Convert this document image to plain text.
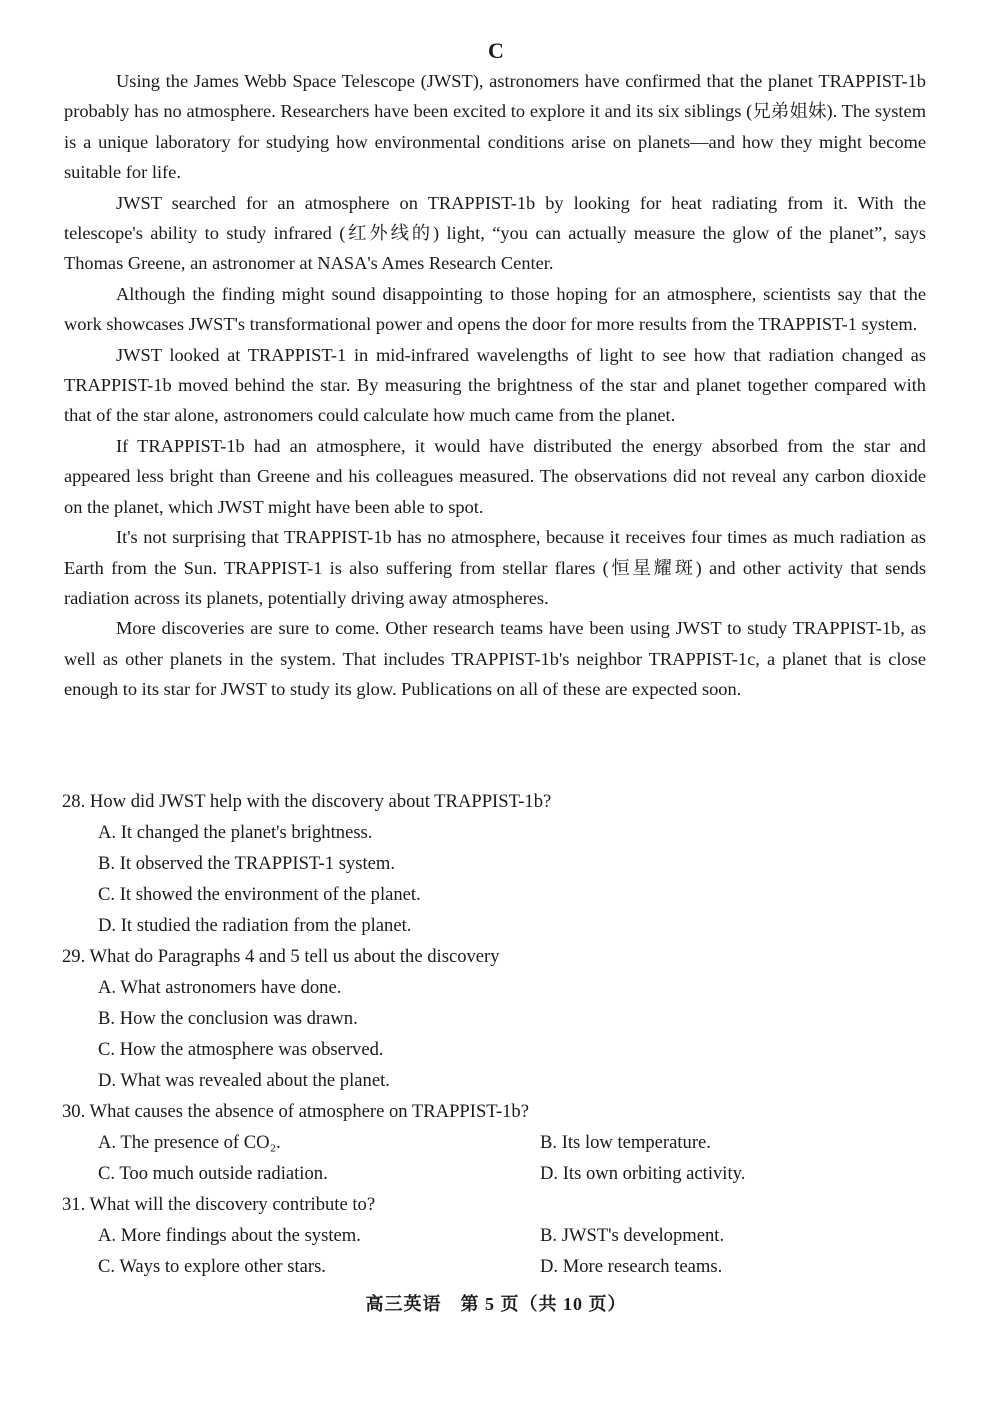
C

Using the James Webb Space Telescope (JWST), astronomers have confirmed that the planet TRAPPIST-1b probably has no atmosphere. Researchers have been excited to explore it and its six siblings (兄弟姐妹). The system is a unique laboratory for studying how environmental conditions arise on planets—and how they might become suitable for life.

JWST searched for an atmosphere on TRAPPIST-1b by looking for heat radiating from it. With the telescope's ability to study infrared (红外线的) light, “you can actually measure the glow of the planet”, says Thomas Greene, an astronomer at NASA's Ames Research Center.

Although the finding might sound disappointing to those hoping for an atmosphere, scientists say that the work showcases JWST's transformational power and opens the door for more results from the TRAPPIST-1 system.

JWST looked at TRAPPIST-1 in mid-infrared wavelengths of light to see how that radiation changed as TRAPPIST-1b moved behind the star. By measuring the brightness of the star and planet together compared with that of the star alone, astronomers could calculate how much came from the planet.

If TRAPPIST-1b had an atmosphere, it would have distributed the energy absorbed from the star and appeared less bright than Greene and his colleagues measured. The observations did not reveal any carbon dioxide on the planet, which JWST might have been able to spot.

It's not surprising that TRAPPIST-1b has no atmosphere, because it receives four times as much radiation as Earth from the Sun. TRAPPIST-1 is also suffering from stellar flares (恒星耀斑) and other activity that sends radiation across its planets, potentially driving away atmospheres.

More discoveries are sure to come. Other research teams have been using JWST to study TRAPPIST-1b, as well as other planets in the system. That includes TRAPPIST-1b's neighbor TRAPPIST-1c, a planet that is close enough to its star for JWST to study its glow. Publications on all of these are expected soon.

28. How did JWST help with the discovery about TRAPPIST-1b?
A. It changed the planet's brightness.
B. It observed the TRAPPIST-1 system.
C. It showed the environment of the planet.
D. It studied the radiation from the planet.
29. What do Paragraphs 4 and 5 tell us about the discovery
A. What astronomers have done.
B. How the conclusion was drawn.
C. How the atmosphere was observed.
D. What was revealed about the planet.
30. What causes the absence of atmosphere on TRAPPIST-1b?
A. The presence of CO₂.	B. Its low temperature.
C. Too much outside radiation.	D. Its own orbiting activity.
31. What will the discovery contribute to?
A. More findings about the system.	B. JWST's development.
C. Ways to explore other stars.	D. More research teams.
高三英语　第 5 页（共 10 页）
